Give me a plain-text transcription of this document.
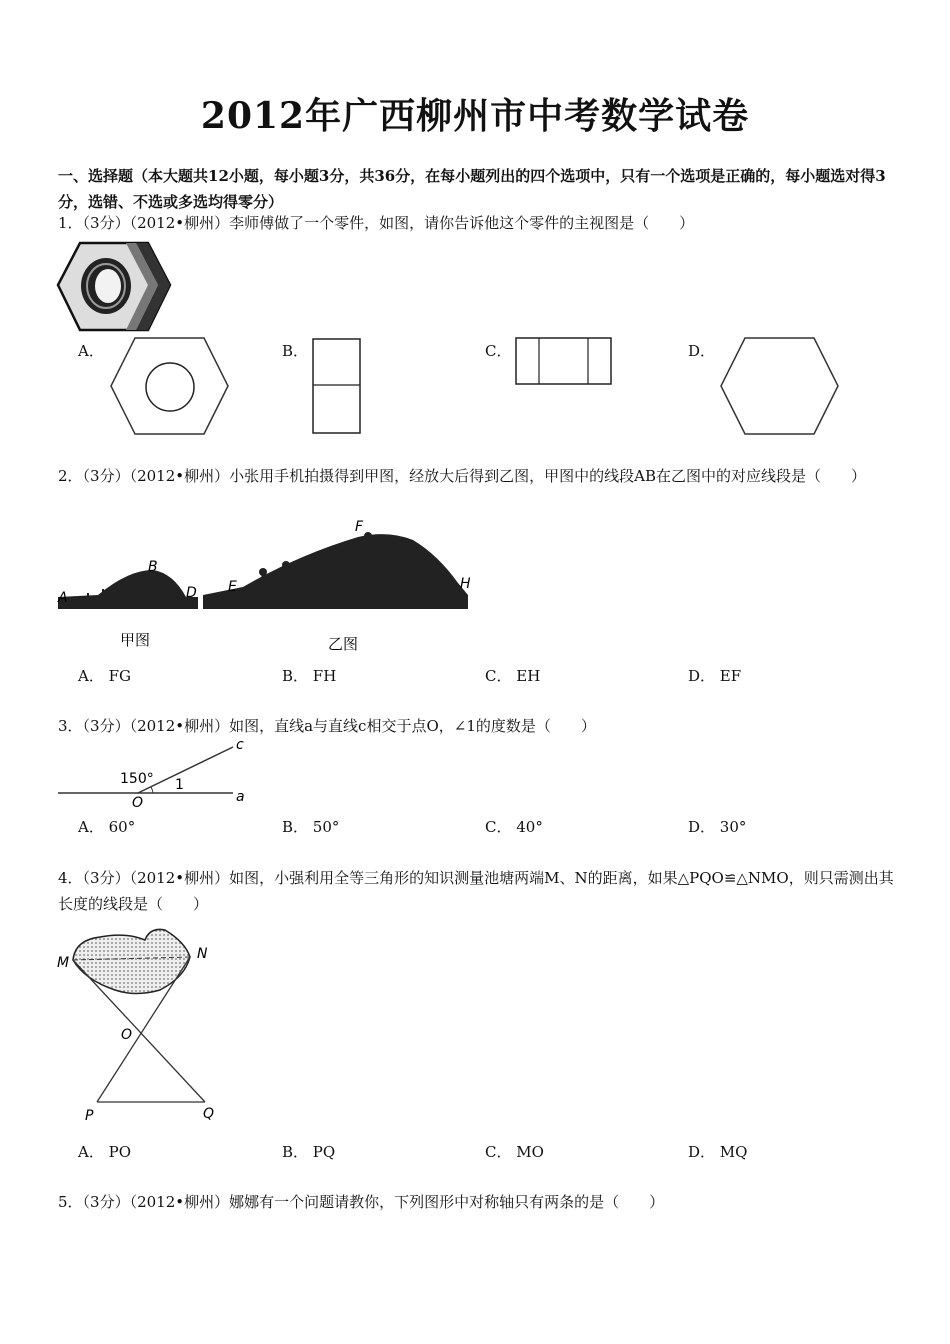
2012年广西柳州市中考数学试卷
一、选择题（本大题共12小题，每小题3分，共36分，在每小题列出的四个选项中，只有一个选项是正确的，每小题选对得3分，选错、不选或多选均得零分）
1．（3分）（2012•柳州）李师傅做了一个零件，如图，请你告诉他这个零件的主视图是（　　）
A．	B．	C．	D．
2．（3分）（2012•柳州）小张用手机拍摄得到甲图，经放大后得到乙图，甲图中的线段AB在乙图中的对应线段是（　　）
A
B
D E
F
H
甲图	乙图
A． FG	B． FH	C． EH	D． EF
3．（3分）（2012•柳州）如图，直线a与直线c相交于点O，∠1的度数是（　　）
150° 1
c
a
O
A． 60°	B． 50°	C． 40°	D． 30°
4．（3分）（2012•柳州）如图，小强利用全等三角形的知识测量池塘两端M、N的距离，如果△PQO≌△NMO，则只需测出其长度的线段是（　　）
M
N
O
P	Q
A． PO	B． PQ	C． MO	D． MQ
5．（3分）（2012•柳州）娜娜有一个问题请教你，下列图形中对称轴只有两条的是（　　）
